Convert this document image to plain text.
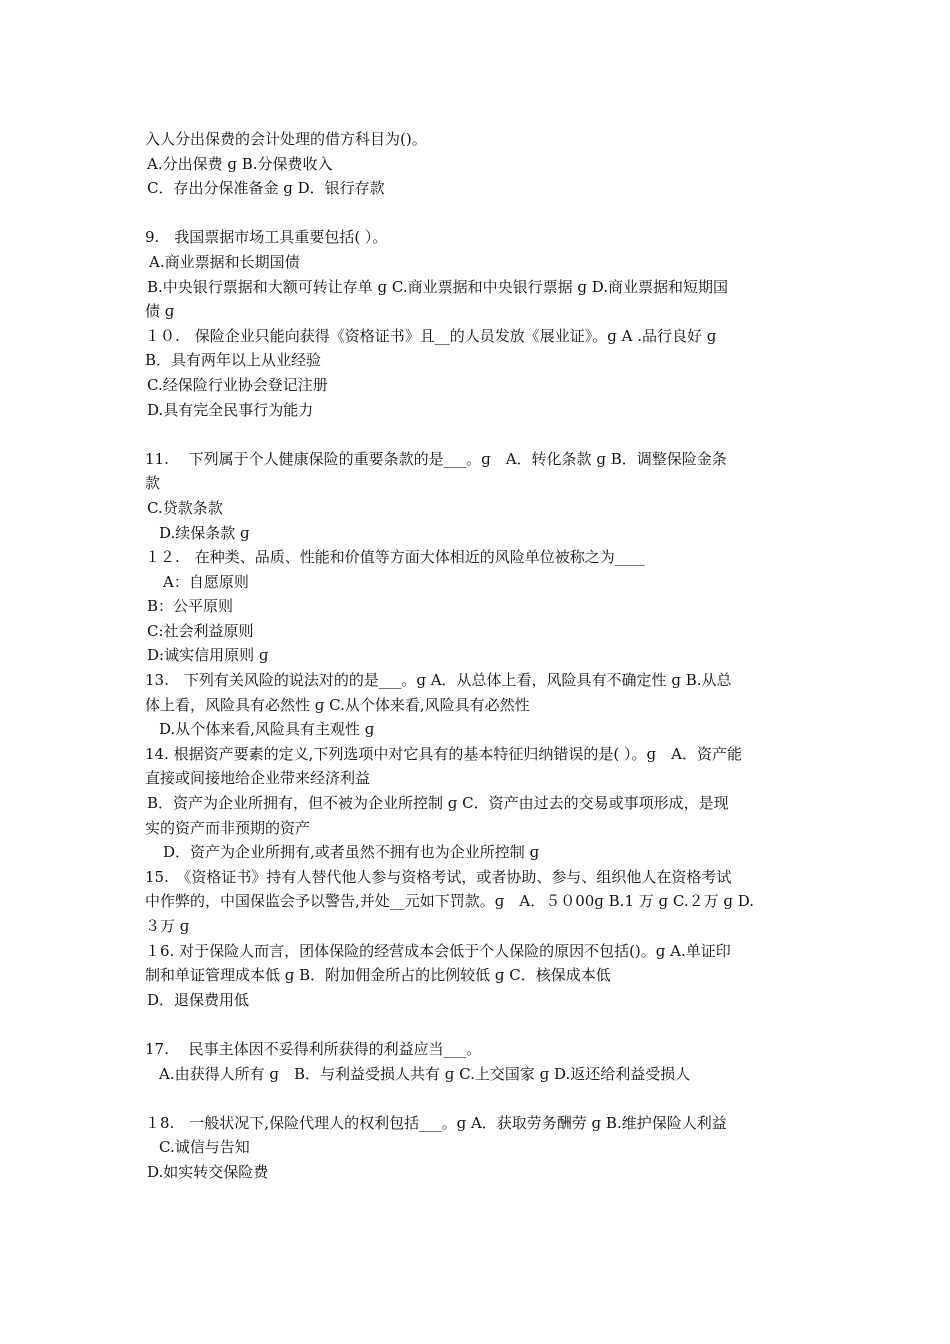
入人分出保费的会计处理的借方科目为()。
A.分出保费 ɡ B.分保费收入
C．存出分保准备金 ɡ D．银行存款
9.　我国票据市场工具重要包括( ）。
A.商业票据和长期国债
B.中央银行票据和大额可转让存单 ɡ C.商业票据和中央银行票据 ɡ D.商业票据和短期国
债 ɡ
１０.　保险企业只能向获得《资格证书》且__的人员发放《展业证》。ɡ A .品行良好 ɡ
B．具有两年以上从业经验
C.经保险行业协会登记注册
D.具有完全民事行为能力
11.　 下列属于个人健康保险的重要条款的是___。ɡ　A．转化条款 ɡ B．调整保险金条
款
C.贷款条款
D.续保条款 ɡ
１２.　在种类、品质、性能和价值等方面大体相近的风险单位被称之为____
A：自愿原则
B：公平原则
C:社会利益原则
D:诚实信用原则 ɡ
13.　下列有关风险的说法对的的是___。ɡ A．从总体上看，风险具有不确定性 ɡ B.从总
体上看，风险具有必然性 ɡ C.从个体来看,风险具有必然性
D.从个体来看,风险具有主观性 ɡ
14. 根据资产要素的定义,下列选项中对它具有的基本特征归纳错误的是( ）。ɡ　A．资产能
直接或间接地给企业带来经济利益
B．资产为企业所拥有，但不被为企业所控制 ɡ C．资产由过去的交易或事项形成，是现
实的资产而非预期的资产
D．资产为企业所拥有,或者虽然不拥有也为企业所控制 ɡ
15.　《资格证书》持有人替代他人参与资格考试，或者协助、参与、组织他人在资格考试
中作弊的，中国保监会予以警告,并处__元如下罚款。ɡ　A．５０00ɡ B.1 万 ɡ C.２万 ɡ D.
３万 ɡ
１6. 对于保险人而言，团体保险的经营成本会低于个人保险的原因不包括()。ɡ A.单证印
制和单证管理成本低 ɡ B．附加佣金所占的比例较低 ɡ C．核保成本低
D．退保费用低
17.　 民事主体因不妥得利所获得的利益应当___。
A.由获得人所有 ɡ　B．与利益受损人共有 ɡ C.上交国家 ɡ D.返还给利益受损人
１8.　一般状况下,保险代理人的权利包括___。ɡ A．获取劳务酬劳 ɡ B.维护保险人利益
C.诚信与告知
D.如实转交保险费
